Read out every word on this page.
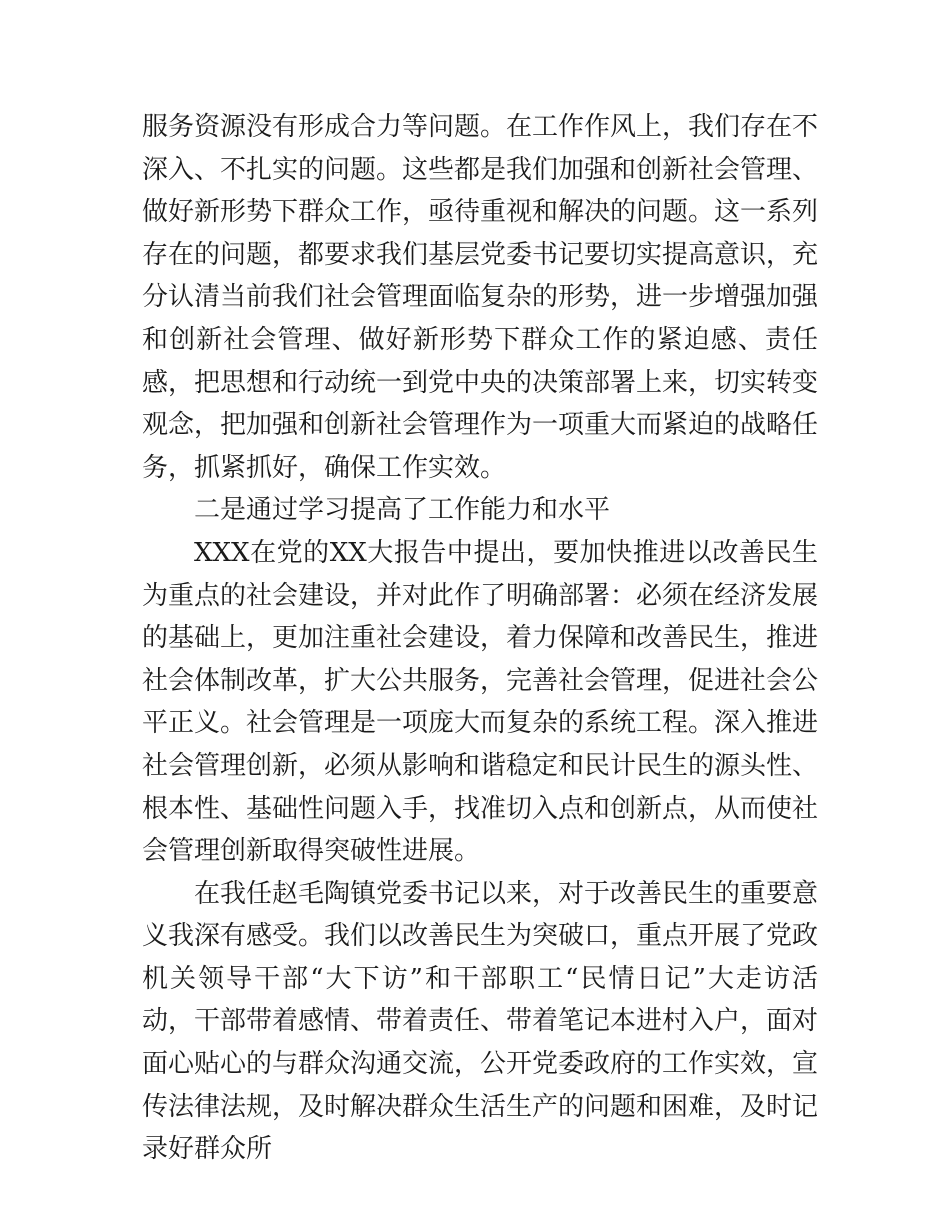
服务资源没有形成合力等问题。在工作作风上，我们存在不深入、不扎实的问题。这些都是我们加强和创新社会管理、做好新形势下群众工作，亟待重视和解决的问题。这一系列存在的问题，都要求我们基层党委书记要切实提高意识，充分认清当前我们社会管理面临复杂的形势，进一步增强加强和创新社会管理、做好新形势下群众工作的紧迫感、责任感，把思想和行动统一到党中央的决策部署上来，切实转变观念，把加强和创新社会管理作为一项重大而紧迫的战略任务，抓紧抓好，确保工作实效。

二是通过学习提高了工作能力和水平

XXX在党的XX大报告中提出，要加快推进以改善民生为重点的社会建设，并对此作了明确部署：必须在经济发展的基础上，更加注重社会建设，着力保障和改善民生，推进社会体制改革，扩大公共服务，完善社会管理，促进社会公平正义。社会管理是一项庞大而复杂的系统工程。深入推进社会管理创新，必须从影响和谐稳定和民计民生的源头性、根本性、基础性问题入手，找准切入点和创新点，从而使社会管理创新取得突破性进展。

在我任赵毛陶镇党委书记以来，对于改善民生的重要意义我深有感受。我们以改善民生为突破口，重点开展了党政机关领导干部“大下访”和干部职工“民情日记”大走访活动，干部带着感情、带着责任、带着笔记本进村入户，面对面心贴心的与群众沟通交流，公开党委政府的工作实效，宣传法律法规，及时解决群众生活生产的问题和困难，及时记录好群众所
